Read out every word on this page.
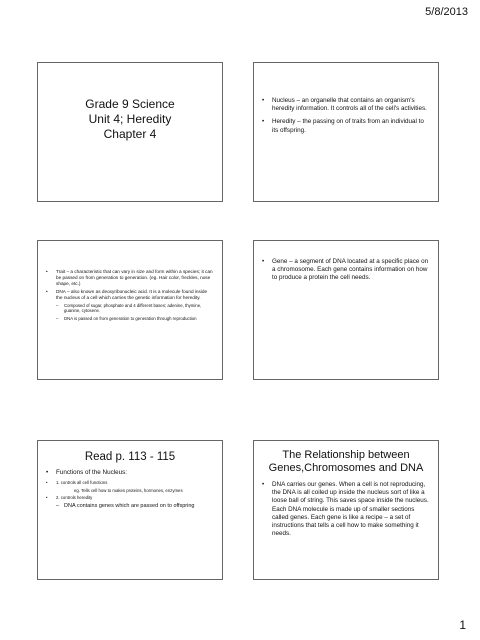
5/8/2013
Grade 9 Science
Unit 4; Heredity
Chapter 4
• Nucleus – an organelle that contains an organism's heredity information. It controls all of the cell's activities.
• Heredity – the passing on of traits from an individual to its offspring.
• Trait – a characteristic that can vary in size and form within a species; it can be passed on from generation to generation. (eg. Hair color, freckles, nose shape, etc.)
• DNA – also known as deoxyribonucleic acid. It is a molecule found inside the nucleus of a cell which carries the genetic information for heredity.
– Composed of sugar, phosphate and 4 different bases; adenine, thymine, guanine, cytosene.
– DNA is passed on from generation to generation through reproduction
• Gene – a segment of DNA located at a specific place on a chromosome. Each gene contains information on how to produce a protein the cell needs.
Read p. 113 - 115
• Functions of the Nucleus:
• 1. controls all cell functions
eg. Tells cell how to makes proteins, hormones, enzymes
• 2. controls heredity
– DNA contains genes which are passed on to offspring
The Relationship between
Genes,Chromosomes and DNA
• DNA carries our genes. When a cell is not reproducing, the DNA is all coiled up inside the nucleus sort of like a loose ball of string. This saves space inside the nucleus. Each DNA molecule is made up of smaller sections called genes. Each gene is like a recipe – a set of instructions that tells a cell how to make something it needs.
1
